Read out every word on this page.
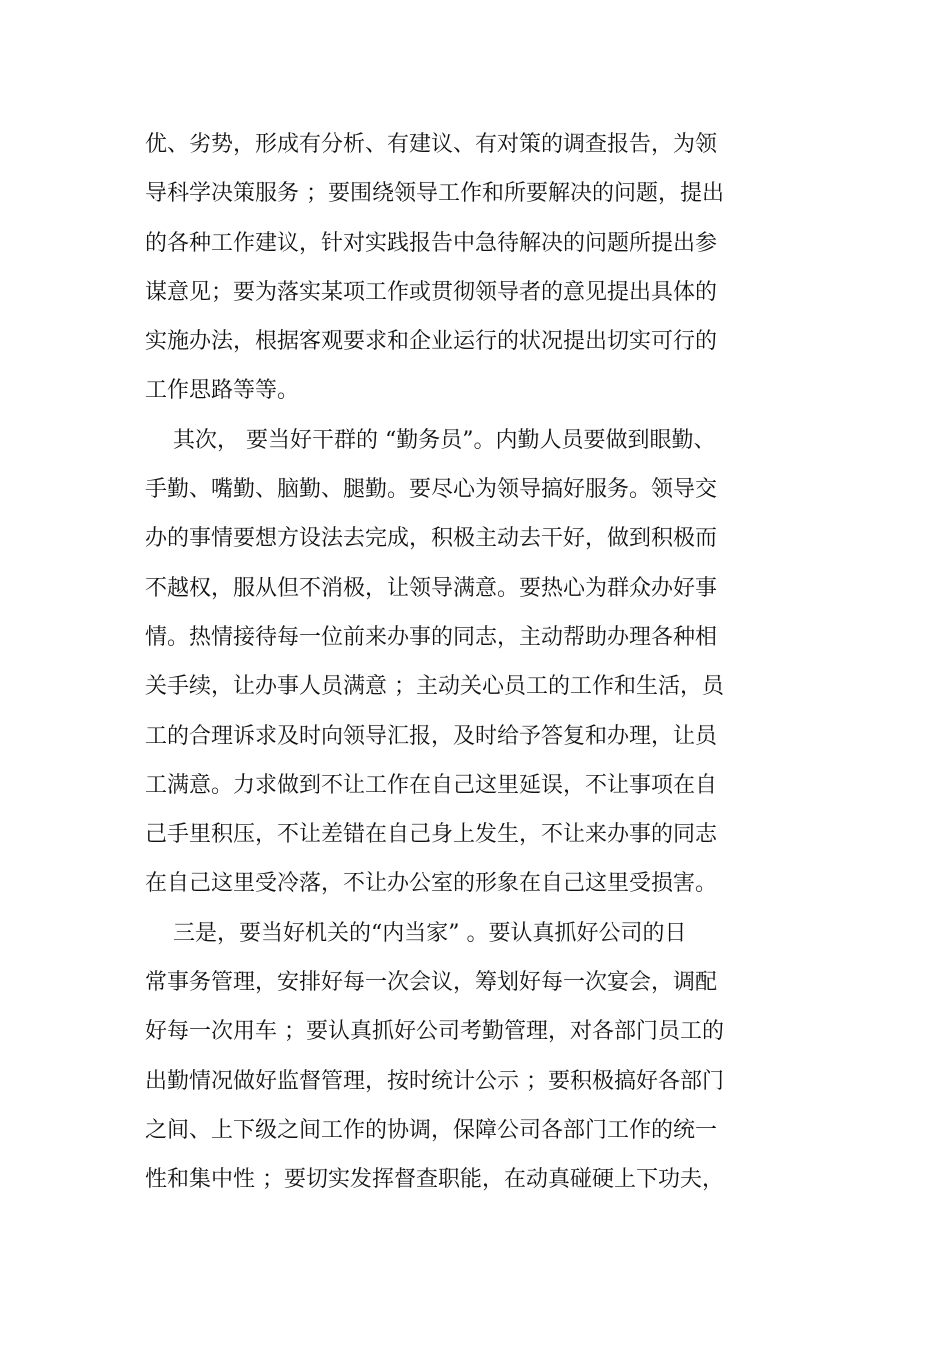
优、劣势，形成有分析、有建议、有对策的调查报告，为领
导科学决策服务 ；要围绕领导工作和所要解决的问题，提出
的各种工作建议，针对实践报告中急待解决的问题所提出参
谋意见；要为落实某项工作或贯彻领导者的意见提出具体的
实施办法，根据客观要求和企业运行的状况提出切实可行的
工作思路等等。
其次， 要当好干群的 “勤务员”。内勤人员要做到眼勤、
手勤、嘴勤、脑勤、腿勤。要尽心为领导搞好服务。领导交
办的事情要想方设法去完成，积极主动去干好，做到积极而
不越权，服从但不消极，让领导满意。要热心为群众办好事
情。热情接待每一位前来办事的同志，主动帮助办理各种相
关手续，让办事人员满意 ；主动关心员工的工作和生活，员
工的合理诉求及时向领导汇报，及时给予答复和办理，让员
工满意。力求做到不让工作在自己这里延误，不让事项在自
己手里积压，不让差错在自己身上发生，不让来办事的同志
在自己这里受冷落，不让办公室的形象在自己这里受损害。
三是，要当好机关的“内当家” 。要认真抓好公司的日
常事务管理，安排好每一次会议，筹划好每一次宴会，调配
好每一次用车 ；要认真抓好公司考勤管理，对各部门员工的
出勤情况做好监督管理，按时统计公示 ；要积极搞好各部门
之间、上下级之间工作的协调，保障公司各部门工作的统一
性和集中性 ；要切实发挥督查职能，在动真碰硬上下功夫，
